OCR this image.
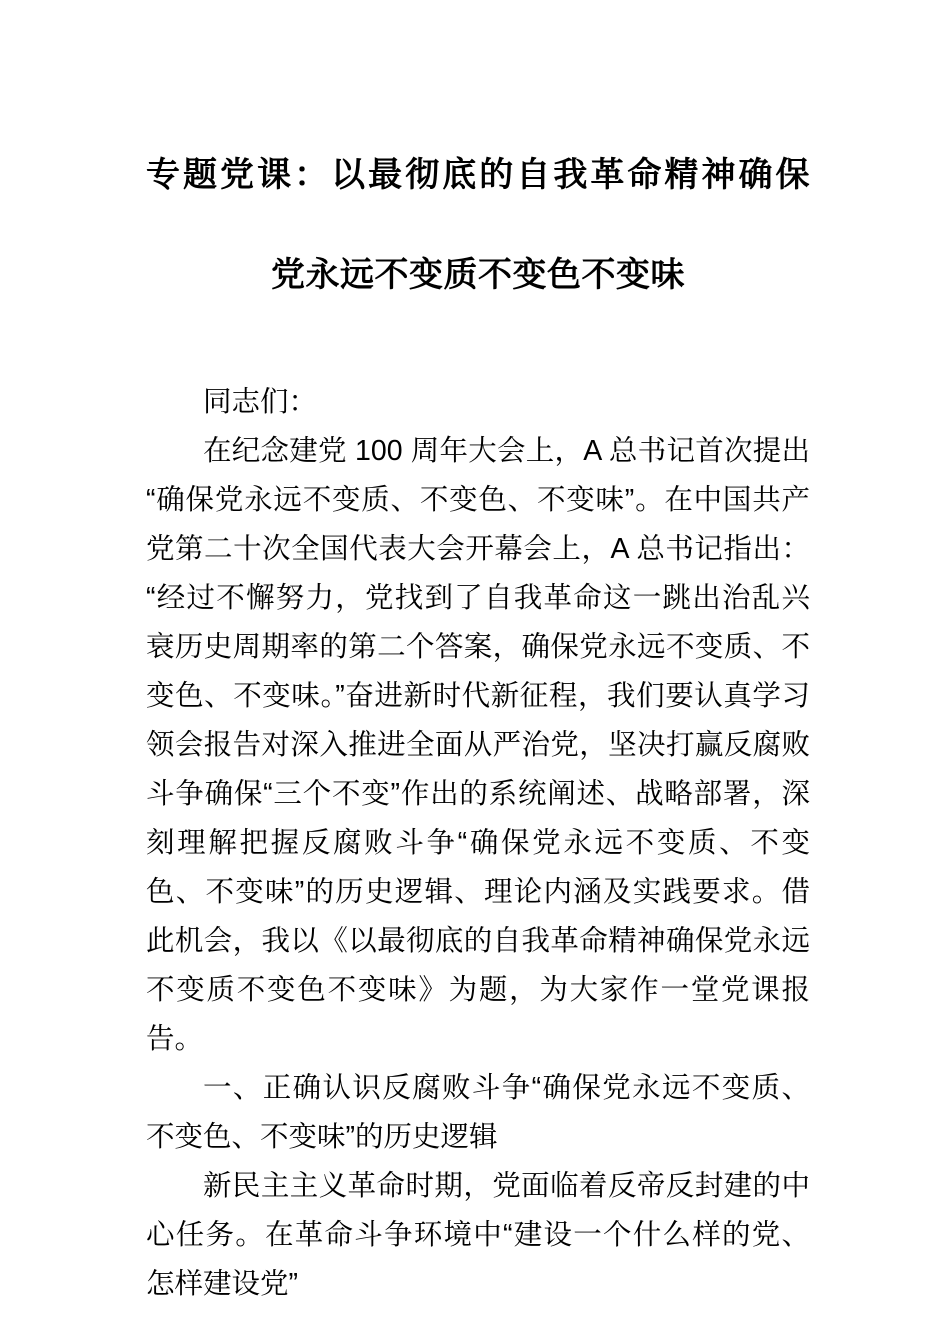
专题党课：以最彻底的自我革命精神确保
党永远不变质不变色不变味

同志们：

在纪念建党 100 周年大会上，A 总书记首次提出“确保党永远不变质、不变色、不变味”。在中国共产党第二十次全国代表大会开幕会上，A 总书记指出：“经过不懈努力，党找到了自我革命这一跳出治乱兴衰历史周期率的第二个答案，确保党永远不变质、不变色、不变味。”奋进新时代新征程，我们要认真学习领会报告对深入推进全面从严治党，坚决打赢反腐败斗争确保“三个不变”作出的系统阐述、战略部署，深刻理解把握反腐败斗争“确保党永远不变质、不变色、不变味”的历史逻辑、理论内涵及实践要求。借此机会，我以《以最彻底的自我革命精神确保党永远不变质不变色不变味》为题，为大家作一堂党课报告。

一、正确认识反腐败斗争“确保党永远不变质、不变色、不变味”的历史逻辑

新民主主义革命时期，党面临着反帝反封建的中心任务。在革命斗争环境中“建设一个什么样的党、怎样建设党”
